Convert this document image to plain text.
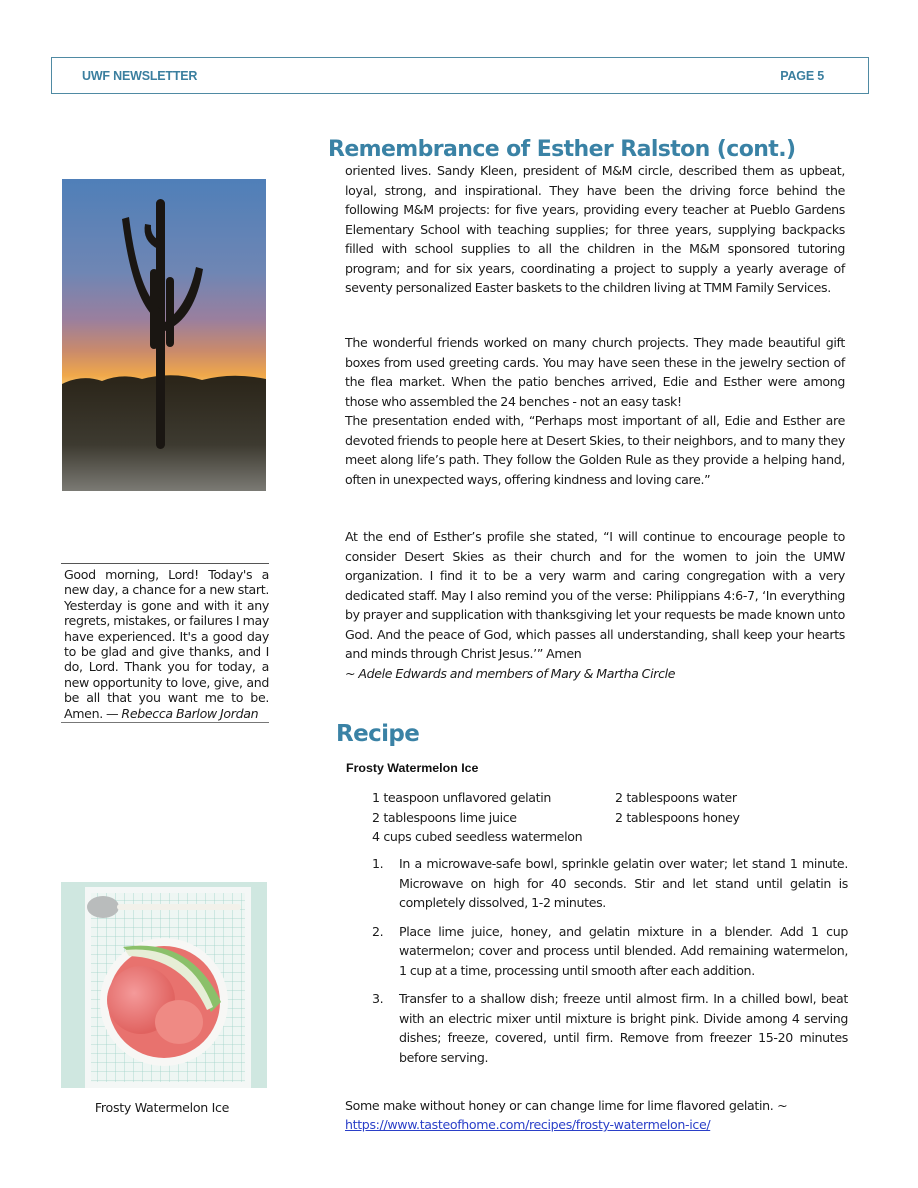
UWF NEWSLETTER	PAGE 5
Remembrance of Esther Ralston (cont.)
oriented lives. Sandy Kleen, president of M&M circle, described them as upbeat, loyal, strong, and inspirational. They have been the driving force behind the following M&M projects: for five years, providing every teacher at Pueblo Gardens Elementary School with teaching supplies; for three years, supplying backpacks filled with school supplies to all the children in the M&M sponsored tutoring program; and for six years, coordinating a project to supply a yearly average of seventy personalized Easter baskets to the children living at TMM Family Services.
The wonderful friends worked on many church projects. They made beautiful gift boxes from used greeting cards. You may have seen these in the jewelry section of the flea market. When the patio benches arrived, Edie and Esther were among those who assembled the 24 benches - not an easy task!
The presentation ended with, “Perhaps most important of all, Edie and Esther are devoted friends to people here at Desert Skies, to their neighbors, and to many they meet along life’s path. They follow the Golden Rule as they provide a helping hand, often in unexpected ways, offering kindness and loving care.”
At the end of Esther’s profile she stated, “I will continue to encourage people to consider Desert Skies as their church and for the women to join the UMW organization. I find it to be a very warm and caring congregation with a very dedicated staff. May I also remind you of the verse: Philippians 4:6-7, ‘In everything by prayer and supplication with thanksgiving let your requests be made known unto God. And the peace of God, which passes all understanding, shall keep your hearts and minds through Christ Jesus.’” Amen
~ Adele Edwards and members of Mary & Martha Circle
Good morning, Lord! Today's a new day, a chance for a new start. Yesterday is gone and with it any regrets, mistakes, or failures I may have experienced. It's a good day to be glad and give thanks, and I do, Lord. Thank you for today, a new opportunity to love, give, and be all that you want me to be. Amen. — Rebecca Barlow Jordan
Recipe
Frosty Watermelon Ice
1 teaspoon unflavored gelatin	2 tablespoons water
2 tablespoons lime juice	2 tablespoons honey
4 cups cubed seedless watermelon
1. In a microwave-safe bowl, sprinkle gelatin over water; let stand 1 minute. Microwave on high for 40 seconds. Stir and let stand until gelatin is completely dissolved, 1-2 minutes.
2. Place lime juice, honey, and gelatin mixture in a blender. Add 1 cup watermelon; cover and process until blended. Add remaining watermelon, 1 cup at a time, processing until smooth after each addition.
3. Transfer to a shallow dish; freeze until almost firm. In a chilled bowl, beat with an electric mixer until mixture is bright pink. Divide among 4 serving dishes; freeze, covered, until firm. Remove from freezer 15-20 minutes before serving.
Some make without honey or can change lime for lime flavored gelatin. ~
https://www.tasteofhome.com/recipes/frosty-watermelon-ice/
Frosty Watermelon Ice
